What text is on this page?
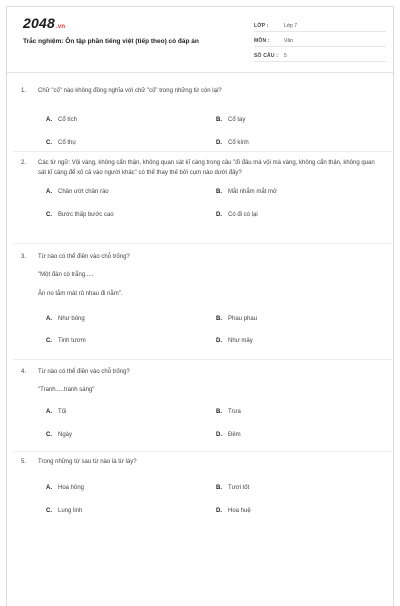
2048.vn
Trắc nghiệm: Ôn tập phần tiếng việt (tiếp theo) có đáp án
LỚP :	Lớp 7
MÔN :	Văn
SỐ CÂU :	5
1.	Chữ "cố" nào không đồng nghĩa với chữ "cố" trong những từ còn lại?
A.	Cổ tích	B.	Cổ tay
C.	Cổ thụ	D.	Cổ kính
2.	Các từ ngữ: Vội vàng, không cẩn thận, không quan sát kĩ càng trong câu "đi đâu mà vội mà vàng, không cẩn thận, không quan sát kĩ càng để xô cả vào người khác" có thể thay thế bởi cụm nào dưới đây?
A.	Chân ướt chân ráo	B.	Mắt nhắm mắt mở
C.	Bước thấp bước cao	D.	Có đi có lại
3.	Từ nào có thể điền vào chỗ trống?
"Một đàn cò trắng.....
Ăn no tắm mát rủ nhau đi nằm".
A.	Như bông	B.	Phau phau
C.	Tinh tươm	D.	Như mây
4.	Từ nào có thể điền vào chỗ trống?
"Tranh.....tranh sáng"
A.	Tối	B.	Trưa
C.	Ngày	D.	Đêm
5.	Trong những từ sau từ nào là từ láy?
A.	Hoa hồng	B.	Tươi tốt
C.	Lung linh	D.	Hoa huệ
